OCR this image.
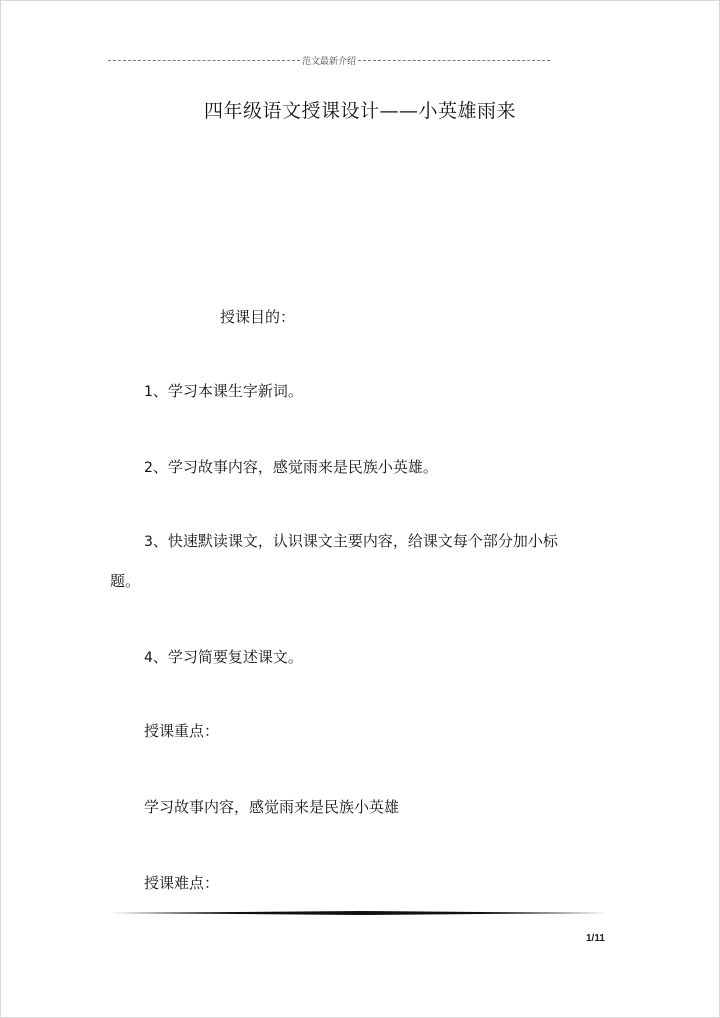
范文最新介绍
四年级语文授课设计——小英雄雨来
授课目的：
1、学习本课生字新词。
2、学习故事内容，感觉雨来是民族小英雄。
3、快速默读课文，认识课文主要内容，给课文每个部分加小标
题。
4、学习简要复述课文。
授课重点：
学习故事内容，感觉雨来是民族小英雄
授课难点：
1/11
